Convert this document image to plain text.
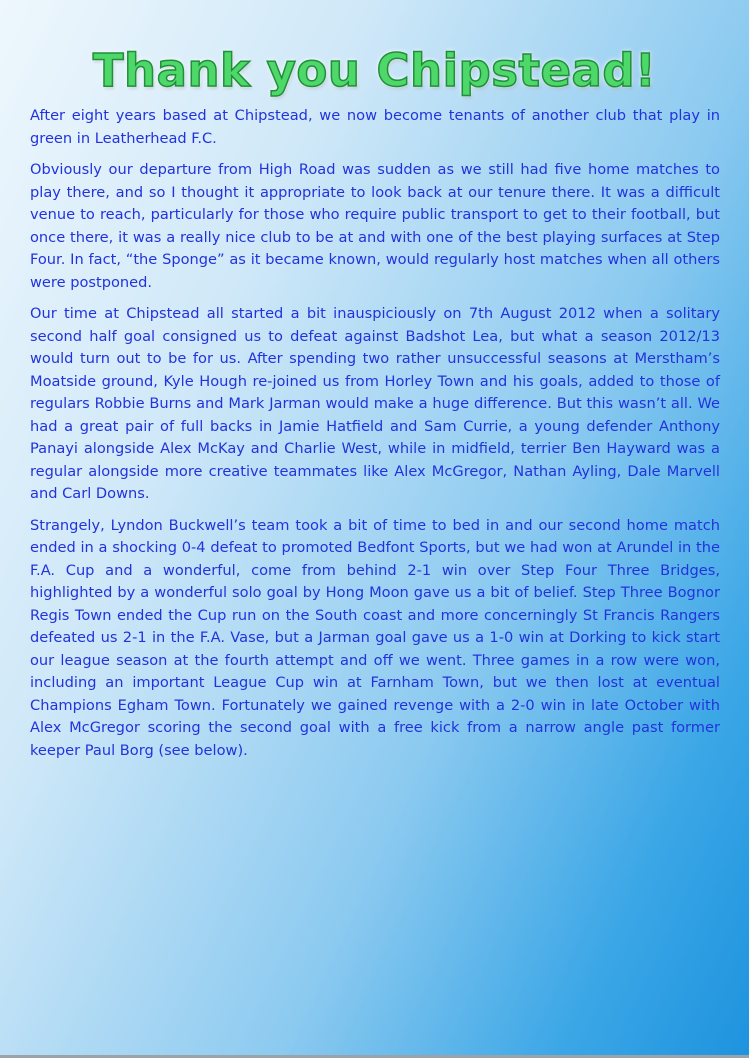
Thank you Chipstead!

After eight years based at Chipstead, we now become tenants of another club that play in green in Leatherhead F.C.

Obviously our departure from High Road was sudden as we still had five home matches to play there, and so I thought it appropriate to look back at our tenure there. It was a difficult venue to reach, particularly for those who require public transport to get to their football, but once there, it was a really nice club to be at and with one of the best playing surfaces at Step Four. In fact, “the Sponge” as it became known, would regularly host matches when all others were postponed.

Our time at Chipstead all started a bit inauspiciously on 7th August 2012 when a solitary second half goal consigned us to defeat against Badshot Lea, but what a season 2012/13 would turn out to be for us. After spending two rather unsuccessful seasons at Merstham’s Moatside ground, Kyle Hough re-joined us from Horley Town and his goals, added to those of regulars Robbie Burns and Mark Jarman would make a huge difference. But this wasn’t all. We had a great pair of full backs in Jamie Hatfield and Sam Currie, a young defender Anthony Panayi alongside Alex McKay and Charlie West, while in midfield, terrier Ben Hayward was a regular alongside more creative teammates like Alex McGregor, Nathan Ayling, Dale Marvell and Carl Downs.

Strangely, Lyndon Buckwell’s team took a bit of time to bed in and our second home match ended in a shocking 0-4 defeat to promoted Bedfont Sports, but we had won at Arundel in the F.A. Cup and a wonderful, come from behind 2-1 win over Step Four Three Bridges, highlighted by a wonderful solo goal by Hong Moon gave us a bit of belief. Step Three Bognor Regis Town ended the Cup run on the South coast and more concerningly St Francis Rangers defeated us 2-1 in the F.A. Vase, but a Jarman goal gave us a 1-0 win at Dorking to kick start our league season at the fourth attempt and off we went. Three games in a row were won, including an important League Cup win at Farnham Town, but we then lost at eventual Champions Egham Town. Fortunately we gained revenge with a 2-0 win in late October with Alex McGregor scoring the second goal with a free kick from a narrow angle past former keeper Paul Borg (see below).
